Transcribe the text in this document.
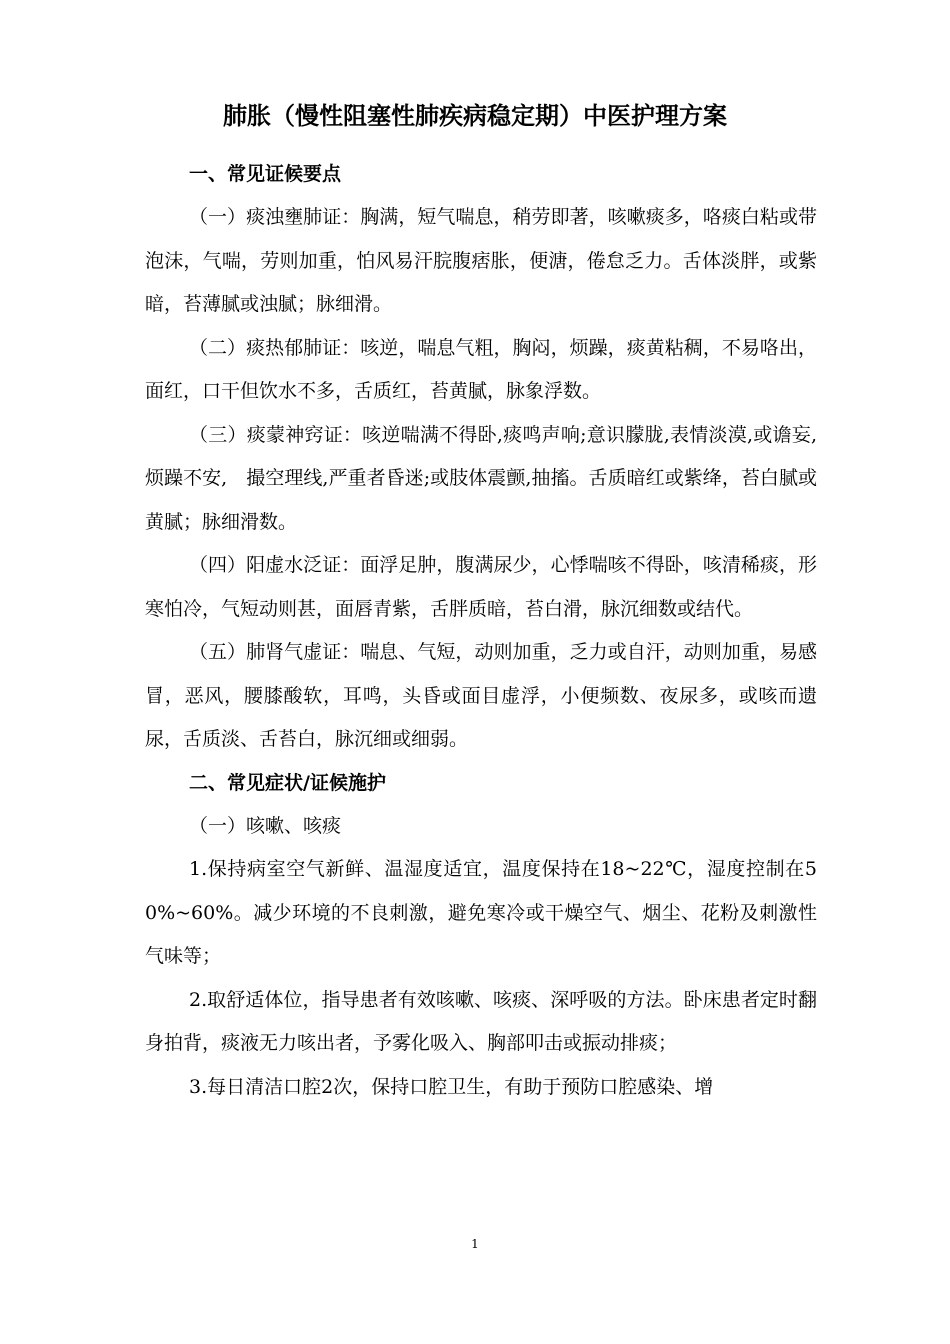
肺胀（慢性阻塞性肺疾病稳定期）中医护理方案
一、常见证候要点

（一）痰浊壅肺证：胸满，短气喘息，稍劳即著，咳嗽痰多，咯痰白粘或带泡沫，气喘，劳则加重，怕风易汗脘腹痞胀，便溏，倦怠乏力。舌体淡胖，或紫暗，苔薄腻或浊腻；脉细滑。

（二）痰热郁肺证：咳逆，喘息气粗，胸闷，烦躁，痰黄粘稠，不易咯出，面红，口干但饮水不多，舌质红，苔黄腻，脉象浮数。

（三）痰蒙神窍证：咳逆喘满不得卧,痰鸣声响;意识朦胧,表情淡漠,或谵妄,烦躁不安,　撮空理线,严重者昏迷;或肢体震颤,抽搐。舌质暗红或紫绛，苔白腻或黄腻；脉细滑数。

（四）阳虚水泛证：面浮足肿，腹满尿少，心悸喘咳不得卧，咳清稀痰，形寒怕冷，气短动则甚，面唇青紫，舌胖质暗，苔白滑，脉沉细数或结代。

（五）肺肾气虚证：喘息、气短，动则加重，乏力或自汗，动则加重，易感冒，恶风，腰膝酸软，耳鸣，头昏或面目虚浮，小便频数、夜尿多，或咳而遗尿，舌质淡、舌苔白，脉沉细或细弱。

二、常见症状/证候施护

（一）咳嗽、咳痰

1.保持病室空气新鲜、温湿度适宜，温度保持在18~22℃，湿度控制在50%~60%。减少环境的不良刺激，避免寒冷或干燥空气、烟尘、花粉及刺激性气味等；

2.取舒适体位，指导患者有效咳嗽、咳痰、深呼吸的方法。卧床患者定时翻身拍背，痰液无力咳出者，予雾化吸入、胸部叩击或振动排痰；

3.每日清洁口腔2次，保持口腔卫生，有助于预防口腔感染、增

1
